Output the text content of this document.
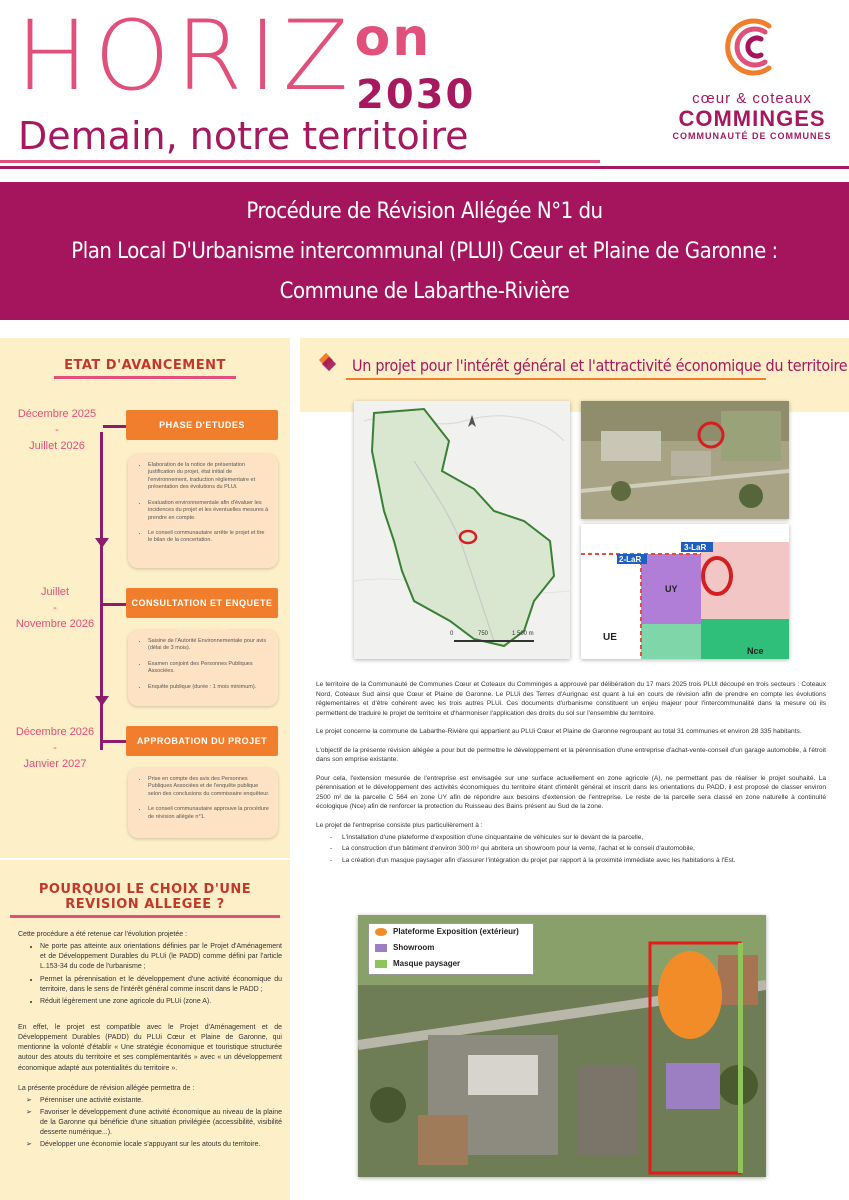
$HORIZ^{on}$
2030
Demain, notre territoire
cœur & coteaux
COMMINGES
COMMUNAUTÉ DE COMMUNES
Procédure de Révision Allégée N°1 du
Plan Local D'Urbanisme intercommunal (PLUI) Cœur et Plaine de Garonne :
Commune de Labarthe-Rivière
ETAT D'AVANCEMENT
Décembre 2025
-
Juillet 2026
PHASE D'ETUDES
• Elaboration de la notice de présentation justification du projet, état initial de l'environnement, traduction réglementaire et présentation des évolutions du PLUi.
• Evaluation environnementale afin d'évaluer les incidences du projet et les éventuelles mesures à prendre en compte.
• Le conseil communautaire arrête le projet et tire le bilan de la concertation.
Juillet
-
Novembre 2026
CONSULTATION ET ENQUETE
• Saisine de l'Autorité Environnementale pour avis (délai de 3 mois).
• Examen conjoint des Personnes Publiques Associées.
• Enquête publique (durée : 1 mois minimum).
Décembre 2026
-
Janvier 2027
APPROBATION DU PROJET
• Prise en compte des avis des Personnes Publiques Associées et de l'enquête publique selon des conclusions du commissaire enquêteur.
• Le conseil communautaire approuve la procédure de révision allégée n°1.
POURQUOI LE CHOIX D'UNE REVISION ALLEGEE ?

Cette procédure a été retenue car l'évolution projetée :

• Ne porte pas atteinte aux orientations définies par le Projet d'Aménagement et de Développement Durables du PLUi (le PADD) comme défini par l'article L.153-34 du code de l'urbanisme ;
• Permet la pérennisation et le développement d'une activité économique du territoire, dans le sens de l'intérêt général comme inscrit dans le PADD ;
• Réduit légèrement une zone agricole du PLUi (zone A).

En effet, le projet est compatible avec le Projet d'Aménagement et de Développement Durables (PADD) du PLUi Cœur et Plaine de Garonne, qui mentionne la volonté d'établir « Une stratégie économique et touristique structurée autour des atouts du territoire et ses complémentarités » avec « un développement économique adapté aux potentialités du territoire ».

La présente procédure de révision allégée permettra de :

➢ Pérenniser une activité existante.
➢ Favoriser le développement d'une activité économique au niveau de la plaine de la Garonne qui bénéficie d'une situation privilégiée (accessibilité, visibilité desserte numérique...).
➢ Développer une économie locale s'appuyant sur les atouts du territoire.
Un projet pour l'intérêt général et l'attractivité économique du territoire
0	750	1 500 m
2-LaR
3-LaR
UY
UE
Nce

Le territoire de la Communauté de Communes Cœur et Coteaux du Comminges a approuvé par délibération du 17 mars 2025 trois PLUi découpé en trois secteurs : Coteaux Nord, Coteaux Sud ainsi que Cœur et Plaine de Garonne. Le PLUi des Terres d'Aurignac est quant à lui en cours de révision afin de prendre en compte les évolutions réglementaires et d'être cohérent avec les trois autres PLUi. Ces documents d'urbanisme constituent un enjeu majeur pour l'intercommunalité dans la mesure où ils permettent de traduire le projet de territoire et d'harmoniser l'application des droits du sol sur l'ensemble du territoire.

Le projet concerne la commune de Labarthe-Rivière qui appartient au PLUi Cœur et Plaine de Garonne regroupant au total 31 communes et environ 28 335 habitants.

L'objectif de la présente révision allégée a pour but de permettre le développement et la pérennisation d'une entreprise d'achat-vente-conseil d'un garage automobile, à l'étroit dans son emprise existante.

Pour cela, l'extension mesurée de l'entreprise est envisagée sur une surface actuellement en zone agricole (A), ne permettant pas de réaliser le projet souhaité. La pérennisation et le développement des activités économiques du territoire étant d'intérêt général et inscrit dans les orientations du PADD, il est proposé de classer environ 2500 m² de la parcelle C 564 en zone UY afin de répondre aux besoins d'extension de l'entreprise. Le reste de la parcelle sera classé en zone naturelle à continuité écologique (Nce) afin de renforcer la protection du Ruisseau des Bains présent au Sud de la zone.

Le projet de l'entreprise consiste plus particulièrement à :

- L'installation d'une plateforme d'exposition d'une cinquantaine de véhicules sur le devant de la parcelle,
- La construction d'un bâtiment d'environ 300 m² qui abritera un showroom pour la vente, l'achat et le conseil d'automobile,
- La création d'un masque paysager afin d'assurer l'intégration du projet par rapport à la proximité immédiate avec les habitations à l'Est.
Plateforme Exposition (extérieur)
Showroom
Masque paysager
